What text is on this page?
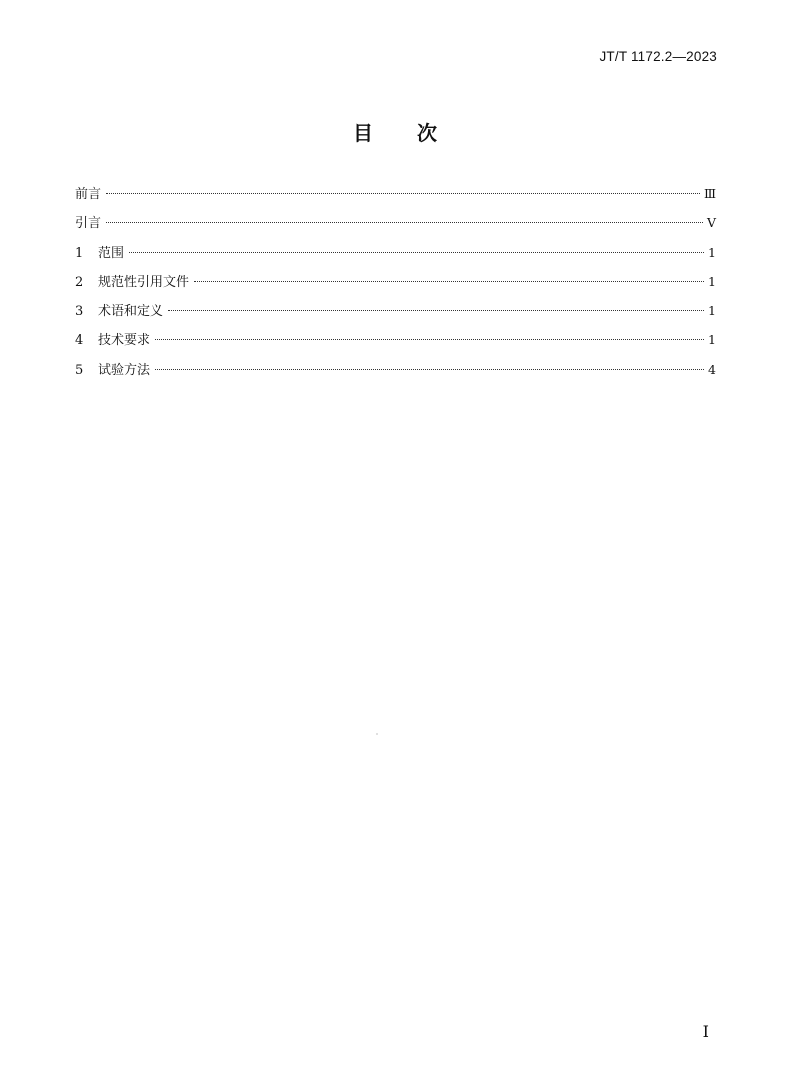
JT/T 1172.2—2023
目次
前言	Ⅲ
引言	Ⅴ
1	范围	1
2	规范性引用文件	1
3	术语和定义	1
4	技术要求	1
5	试验方法	4
I
